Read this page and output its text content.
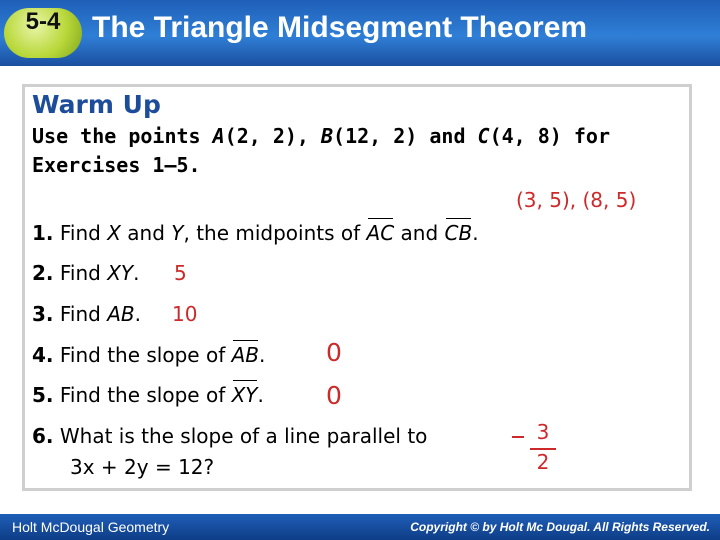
5-4	The Triangle Midsegment Theorem
Warm Up
Use the points A(2, 2), B(12, 2) and C(4, 8) for
Exercises 1–5.
(3, 5), (8, 5)
1. Find X and Y, the midpoints of AC and CB.
2. Find XY. 5
3. Find AB. 10
4. Find the slope of AB. 0
5. Find the slope of XY. 0
6. What is the slope of a line parallel to
3x + 2y = 12?
3
2
Holt McDougal Geometry	Copyright © by Holt Mc Dougal. All Rights Reserved.
